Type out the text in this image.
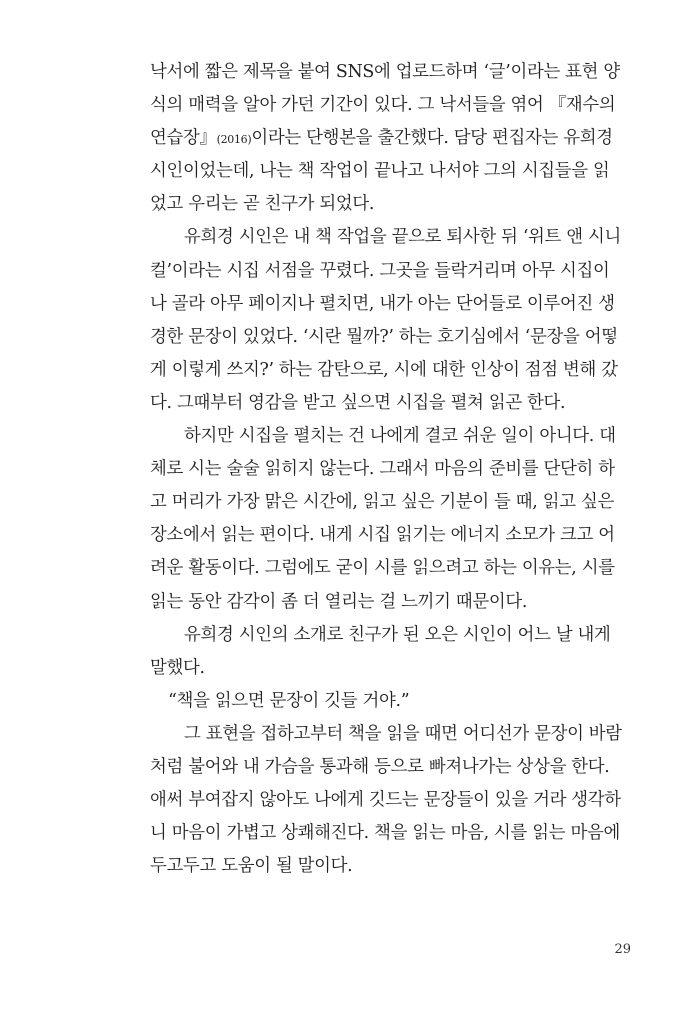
낙서에 짧은 제목을 붙여 SNS에 업로드하며 ‘글’이라는 표현 양
식의 매력을 알아 가던 기간이 있다. 그 낙서들을 엮어 『재수의
연습장』(2016)이라는 단행본을 출간했다. 담당 편집자는 유희경
시인이었는데, 나는 책 작업이 끝나고 나서야 그의 시집들을 읽
었고 우리는 곧 친구가 되었다.
유희경 시인은 내 책 작업을 끝으로 퇴사한 뒤 ‘위트 앤 시니
컬’이라는 시집 서점을 꾸렸다. 그곳을 들락거리며 아무 시집이
나 골라 아무 페이지나 펼치면, 내가 아는 단어들로 이루어진 생
경한 문장이 있었다. ‘시란 뭘까?’ 하는 호기심에서 ‘문장을 어떻
게 이렇게 쓰지?’ 하는 감탄으로, 시에 대한 인상이 점점 변해 갔
다. 그때부터 영감을 받고 싶으면 시집을 펼쳐 읽곤 한다.
하지만 시집을 펼치는 건 나에게 결코 쉬운 일이 아니다. 대
체로 시는 술술 읽히지 않는다. 그래서 마음의 준비를 단단히 하
고 머리가 가장 맑은 시간에, 읽고 싶은 기분이 들 때, 읽고 싶은
장소에서 읽는 편이다. 내게 시집 읽기는 에너지 소모가 크고 어
려운 활동이다. 그럼에도 굳이 시를 읽으려고 하는 이유는, 시를
읽는 동안 감각이 좀 더 열리는 걸 느끼기 때문이다.
유희경 시인의 소개로 친구가 된 오은 시인이 어느 날 내게
말했다.
“책을 읽으면 문장이 깃들 거야.”
그 표현을 접하고부터 책을 읽을 때면 어디선가 문장이 바람
처럼 불어와 내 가슴을 통과해 등으로 빠져나가는 상상을 한다.
애써 부여잡지 않아도 나에게 깃드는 문장들이 있을 거라 생각하
니 마음이 가볍고 상쾌해진다. 책을 읽는 마음, 시를 읽는 마음에
두고두고 도움이 될 말이다.
29
